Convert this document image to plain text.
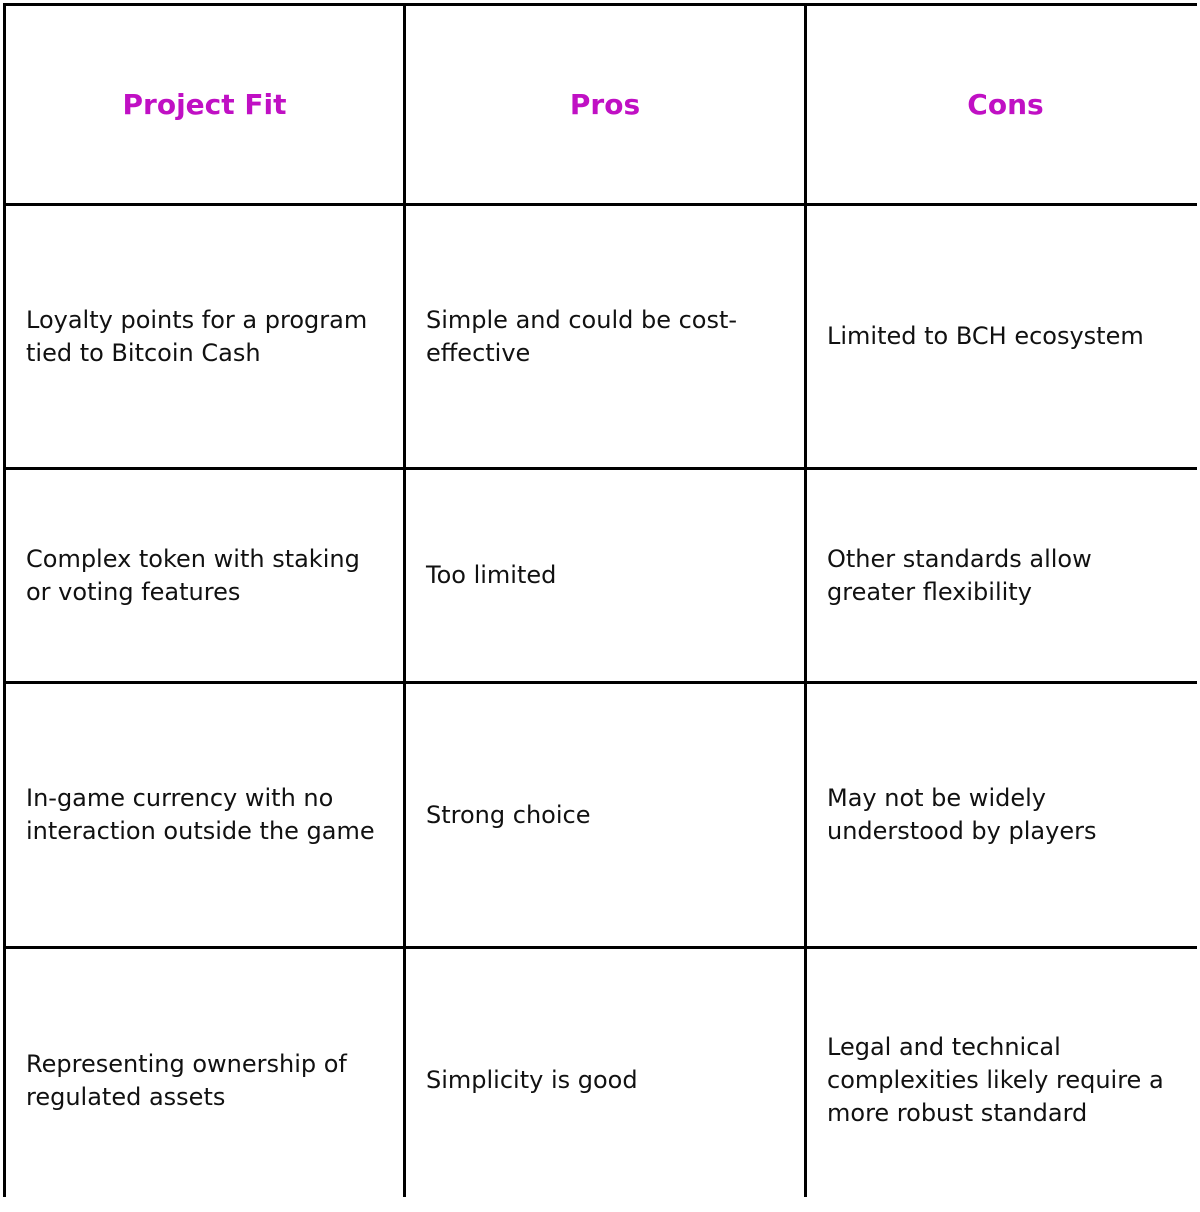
Project Fit	Pros	Cons
Loyalty points for a program tied to Bitcoin Cash
Simple and could be cost-effective
Limited to BCH ecosystem
Complex token with staking or voting features
Too limited
Other standards allow greater flexibility
In-game currency with no interaction outside the game
Strong choice
May not be widely understood by players
Representing ownership of regulated assets
Simplicity is good
Legal and technical complexities likely require a more robust standard
